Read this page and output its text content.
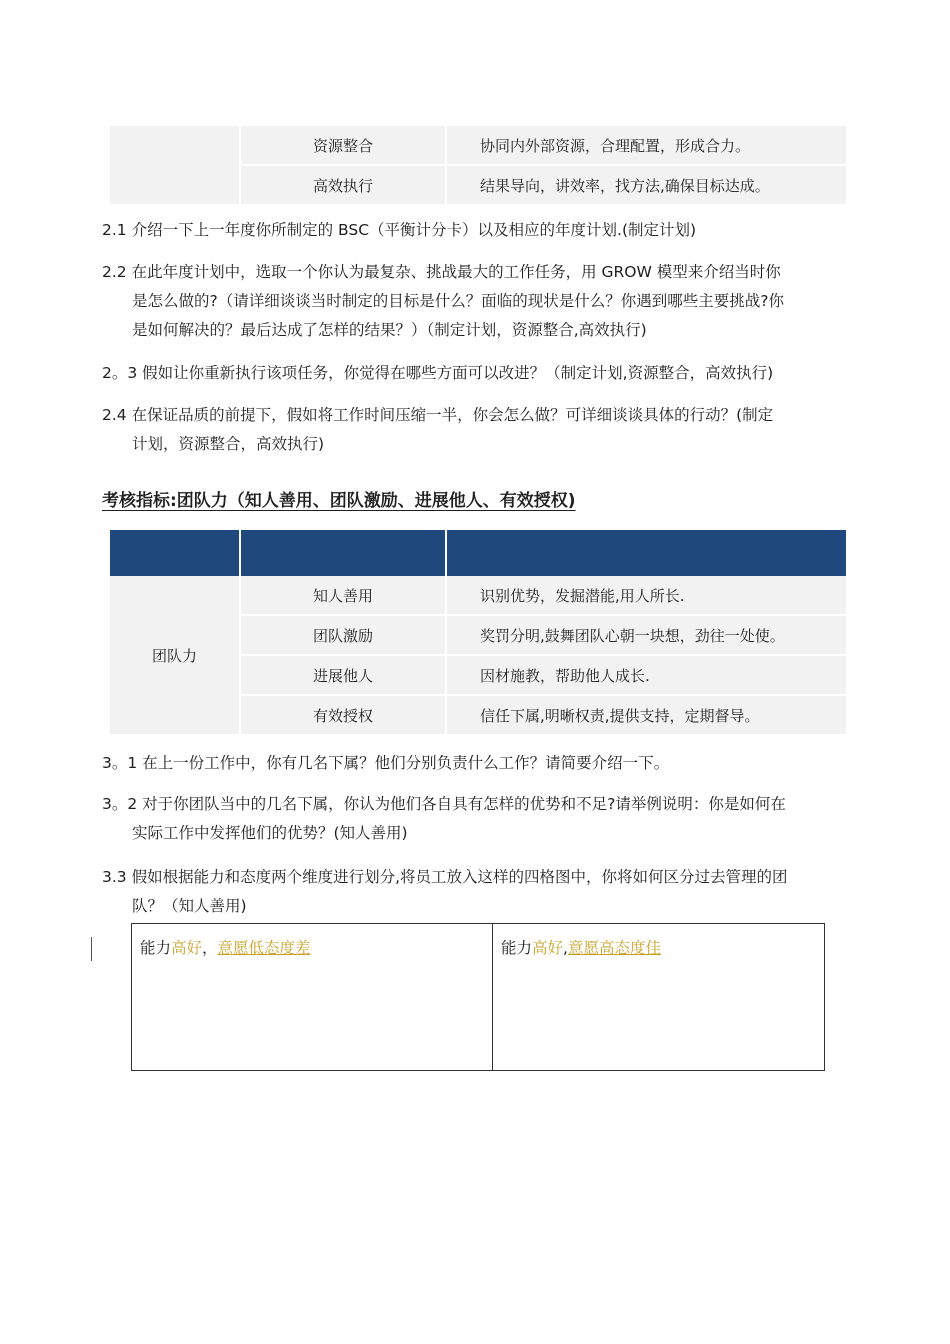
	资源整合	协同内外部资源，合理配置，形成合力。
	高效执行	结果导向，讲效率，找方法,确保目标达成。
2.1 介绍一下上一年度你所制定的 BSC（平衡计分卡）以及相应的年度计划.(制定计划)
2.2 在此年度计划中，选取一个你认为最复杂、挑战最大的工作任务，用 GROW 模型来介绍当时你
是怎么做的?（请详细谈谈当时制定的目标是什么？面临的现状是什么？你遇到哪些主要挑战?你
是如何解决的？最后达成了怎样的结果？）（制定计划，资源整合,高效执行)
2。3 假如让你重新执行该项任务，你觉得在哪些方面可以改进？（制定计划,资源整合，高效执行)
2.4 在保证品质的前提下，假如将工作时间压缩一半，你会怎么做？可详细谈谈具体的行动？(制定
计划，资源整合，高效执行)
考核指标:团队力（知人善用、团队激励、进展他人、有效授权)

团队力	知人善用	识别优势，发掘潜能,用人所长.
	团队激励	奖罚分明,鼓舞团队心朝一块想，劲往一处使。
	进展他人	因材施教，帮助他人成长.
	有效授权	信任下属,明晰权责,提供支持，定期督导。
3。1 在上一份工作中，你有几名下属？他们分别负责什么工作？请简要介绍一下。
3。2 对于你团队当中的几名下属，你认为他们各自具有怎样的优势和不足?请举例说明：你是如何在
实际工作中发挥他们的优势？(知人善用)
3.3 假如根据能力和态度两个维度进行划分,将员工放入这样的四格图中，你将如何区分过去管理的团
队？（知人善用)
能力高好，意愿低态度差	能力高好,意愿高态度佳
